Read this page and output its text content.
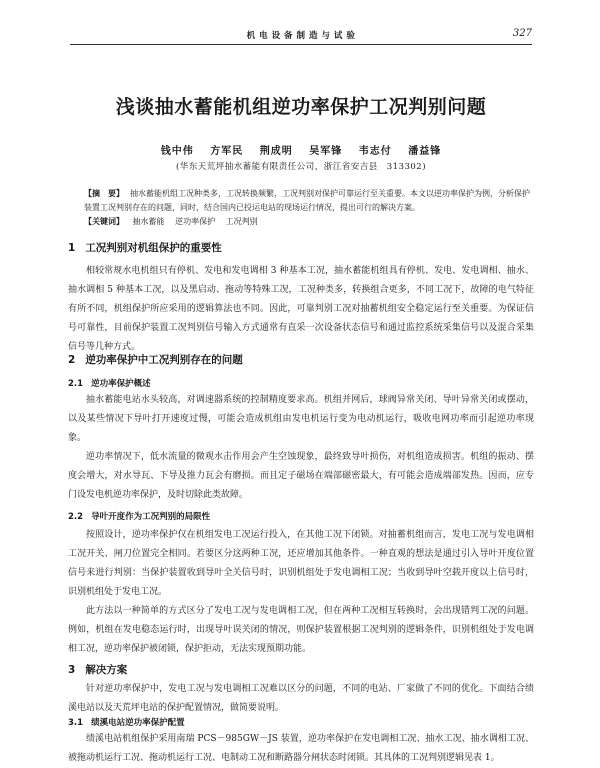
机 电 设 备 制 造 与 试 验	327
浅谈抽水蓄能机组逆功率保护工况判别问题
钱中伟 方军民 荆成明 吴军锋 韦志付 潘益锋
(华东天荒坪抽水蓄能有限责任公司，浙江省安吉县　313302)
【摘　要】 抽水蓄能机组工况种类多，工况转换频繁，工况判别对保护可靠运行至关重要。本文以逆功率保护为例，分析保护装置工况判别存在的问题，同时，结合国内已投运电站的现场运行情况，提出可行的解决方案。
【关键词】 抽水蓄能 逆功率保护 工况判别
1 工况判别对机组保护的重要性
相较常规水电机组只有停机、发电和发电调相 3 种基本工况，抽水蓄能机组具有停机、发电、发电调相、抽水、抽水调相 5 种基本工况，以及黑启动、拖动等特殊工况，工况种类多，转换组合更多，不同工况下，故障的电气特征有所不同，机组保护所应采用的逻辑算法也不同。因此，可靠判别工况对抽蓄机组安全稳定运行至关重要。为保证信号可靠性，目前保护装置工况判别信号输入方式通常有直采一次设备状态信号和通过监控系统采集信号以及混合采集信号等几种方式。
2 逆功率保护中工况判别存在的问题
2.1 逆功率保护概述
抽水蓄能电站水头较高，对调速器系统的控制精度要求高。机组并网后，球阀异常关闭、导叶异常关闭或摆动，以及某些情况下导叶打开速度过慢，可能会造成机组由发电机运行变为电动机运行，吸收电网功率而引起逆功率现象。
逆功率情况下，低水流量的微观水击作用会产生空蚀现象，最终致导叶损伤，对机组造成损害。机组的振动、摆度会增大，对水导瓦、下导及推力瓦会有磨损。而且定子磁场在端部磁密最大，有可能会造成端部发热。因而，应专门设发电机逆功率保护，及时切除此类故障。
2.2 导叶开度作为工况判别的局限性
按照设计，逆功率保护仅在机组发电工况运行投入，在其他工况下闭锁。对抽蓄机组而言，发电工况与发电调相工况开关、闸刀位置完全相同。若要区分这两种工况，还应增加其他条件。一种直观的想法是通过引入导叶开度位置信号来进行判别：当保护装置收到导叶全关信号时，识别机组处于发电调相工况；当收到导叶空载开度以上信号时，识别机组处于发电工况。
此方法以一种简单的方式区分了发电工况与发电调相工况，但在两种工况相互转换时，会出现错判工况的问题。例如，机组在发电稳态运行时，出现导叶误关闭的情况，则保护装置根据工况判别的逻辑条件，识别机组处于发电调相工况，逆功率保护被闭锁，保护拒动，无法实现预期功能。
3 解决方案
针对逆功率保护中，发电工况与发电调相工况难以区分的问题，不同的电站、厂家做了不同的优化。下面结合绩溪电站以及天荒坪电站的保护配置情况，做简要说明。
3.1 绩溪电站逆功率保护配置
绩溪电站机组保护采用南瑞 PCS－985GW－JS 装置，逆功率保护在发电调相工况、抽水工况、抽水调相工况、被拖动机运行工况、拖动机运行工况、电制动工况和断路器分闸状态时闭锁。其具体的工况判别逻辑见表 1。
